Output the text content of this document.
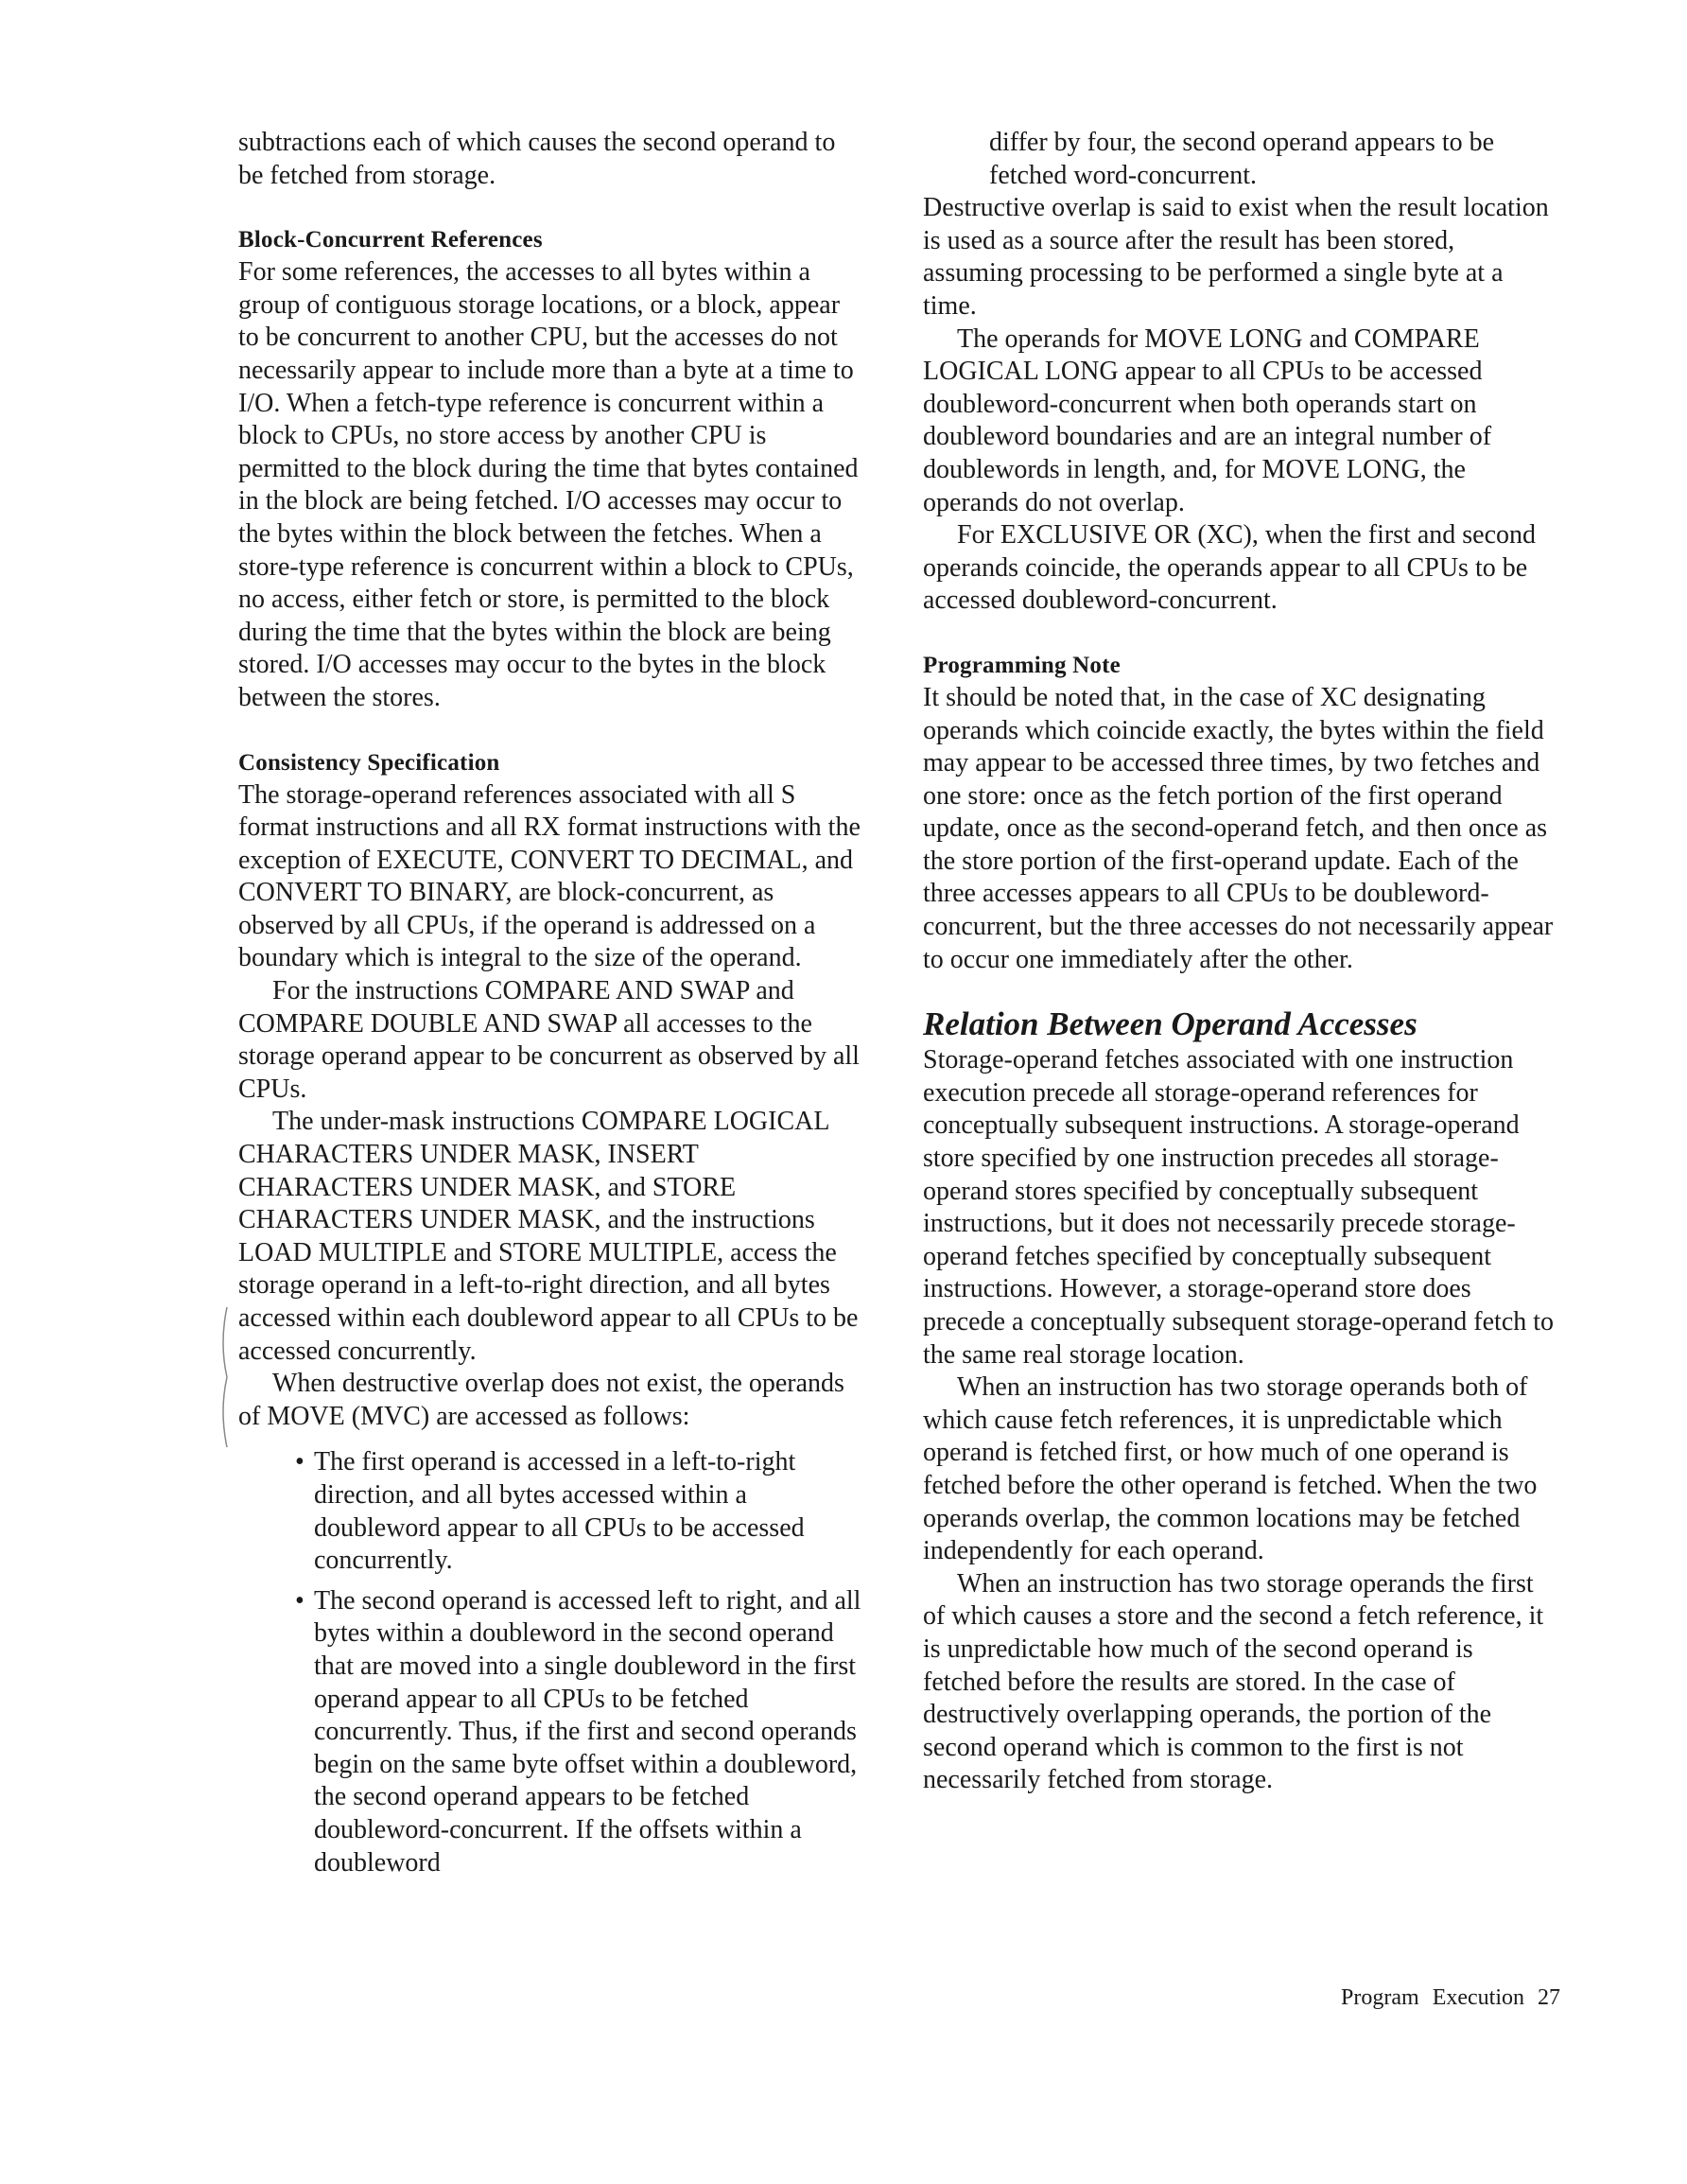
subtractions each of which causes the second operand to be fetched from storage.

Block-Concurrent References

For some references, the accesses to all bytes within a group of contiguous storage locations, or a block, appear to be concurrent to another CPU, but the accesses do not necessarily appear to include more than a byte at a time to I/O. When a fetch-type reference is concurrent within a block to CPUs, no store access by another CPU is permitted to the block during the time that bytes contained in the block are being fetched. I/O accesses may occur to the bytes within the block between the fetches. When a store-type reference is concurrent within a block to CPUs, no access, either fetch or store, is permitted to the block during the time that the bytes within the block are being stored. I/O accesses may occur to the bytes in the block between the stores.

Consistency Specification

The storage-operand references associated with all S format instructions and all RX format instructions with the exception of EXECUTE, CONVERT TO DECIMAL, and CONVERT TO BINARY, are block-concurrent, as observed by all CPUs, if the operand is addressed on a boundary which is integral to the size of the operand.

For the instructions COMPARE AND SWAP and COMPARE DOUBLE AND SWAP all accesses to the storage operand appear to be concurrent as observed by all CPUs.

The under-mask instructions COMPARE LOGICAL CHARACTERS UNDER MASK, INSERT CHARACTERS UNDER MASK, and STORE CHARACTERS UNDER MASK, and the instructions LOAD MULTIPLE and STORE MULTIPLE, access the storage operand in a left-to-right direction, and all bytes accessed within each doubleword appear to all CPUs to be accessed concurrently.

When destructive overlap does not exist, the operands of MOVE (MVC) are accessed as follows:

• The first operand is accessed in a left-to-right direction, and all bytes accessed within a doubleword appear to all CPUs to be accessed concurrently.
• The second operand is accessed left to right, and all bytes within a doubleword in the second operand that are moved into a single doubleword in the first operand appear to all CPUs to be fetched concurrently. Thus, if the first and second operands begin on the same byte offset within a doubleword, the second operand appears to be fetched doubleword-concurrent. If the offsets within a doubleword

differ by four, the second operand appears to be fetched word-concurrent.

Destructive overlap is said to exist when the result location is used as a source after the result has been stored, assuming processing to be performed a single byte at a time.

The operands for MOVE LONG and COMPARE LOGICAL LONG appear to all CPUs to be accessed doubleword-concurrent when both operands start on doubleword boundaries and are an integral number of doublewords in length, and, for MOVE LONG, the operands do not overlap.

For EXCLUSIVE OR (XC), when the first and second operands coincide, the operands appear to all CPUs to be accessed doubleword-concurrent.

Programming Note

It should be noted that, in the case of XC designating operands which coincide exactly, the bytes within the field may appear to be accessed three times, by two fetches and one store: once as the fetch portion of the first operand update, once as the second-operand fetch, and then once as the store portion of the first-operand update. Each of the three accesses appears to all CPUs to be doubleword-concurrent, but the three accesses do not necessarily appear to occur one immediately after the other.

Relation Between Operand Accesses

Storage-operand fetches associated with one instruction execution precede all storage-operand references for conceptually subsequent instructions. A storage-operand store specified by one instruction precedes all storage-operand stores specified by conceptually subsequent instructions, but it does not necessarily precede storage-operand fetches specified by conceptually subsequent instructions. However, a storage-operand store does precede a conceptually subsequent storage-operand fetch to the same real storage location.

When an instruction has two storage operands both of which cause fetch references, it is unpredictable which operand is fetched first, or how much of one operand is fetched before the other operand is fetched. When the two operands overlap, the common locations may be fetched independently for each operand.

When an instruction has two storage operands the first of which causes a store and the second a fetch reference, it is unpredictable how much of the second operand is fetched before the results are stored. In the case of destructively overlapping operands, the portion of the second operand which is common to the first is not necessarily fetched from storage.

Program Execution 27
